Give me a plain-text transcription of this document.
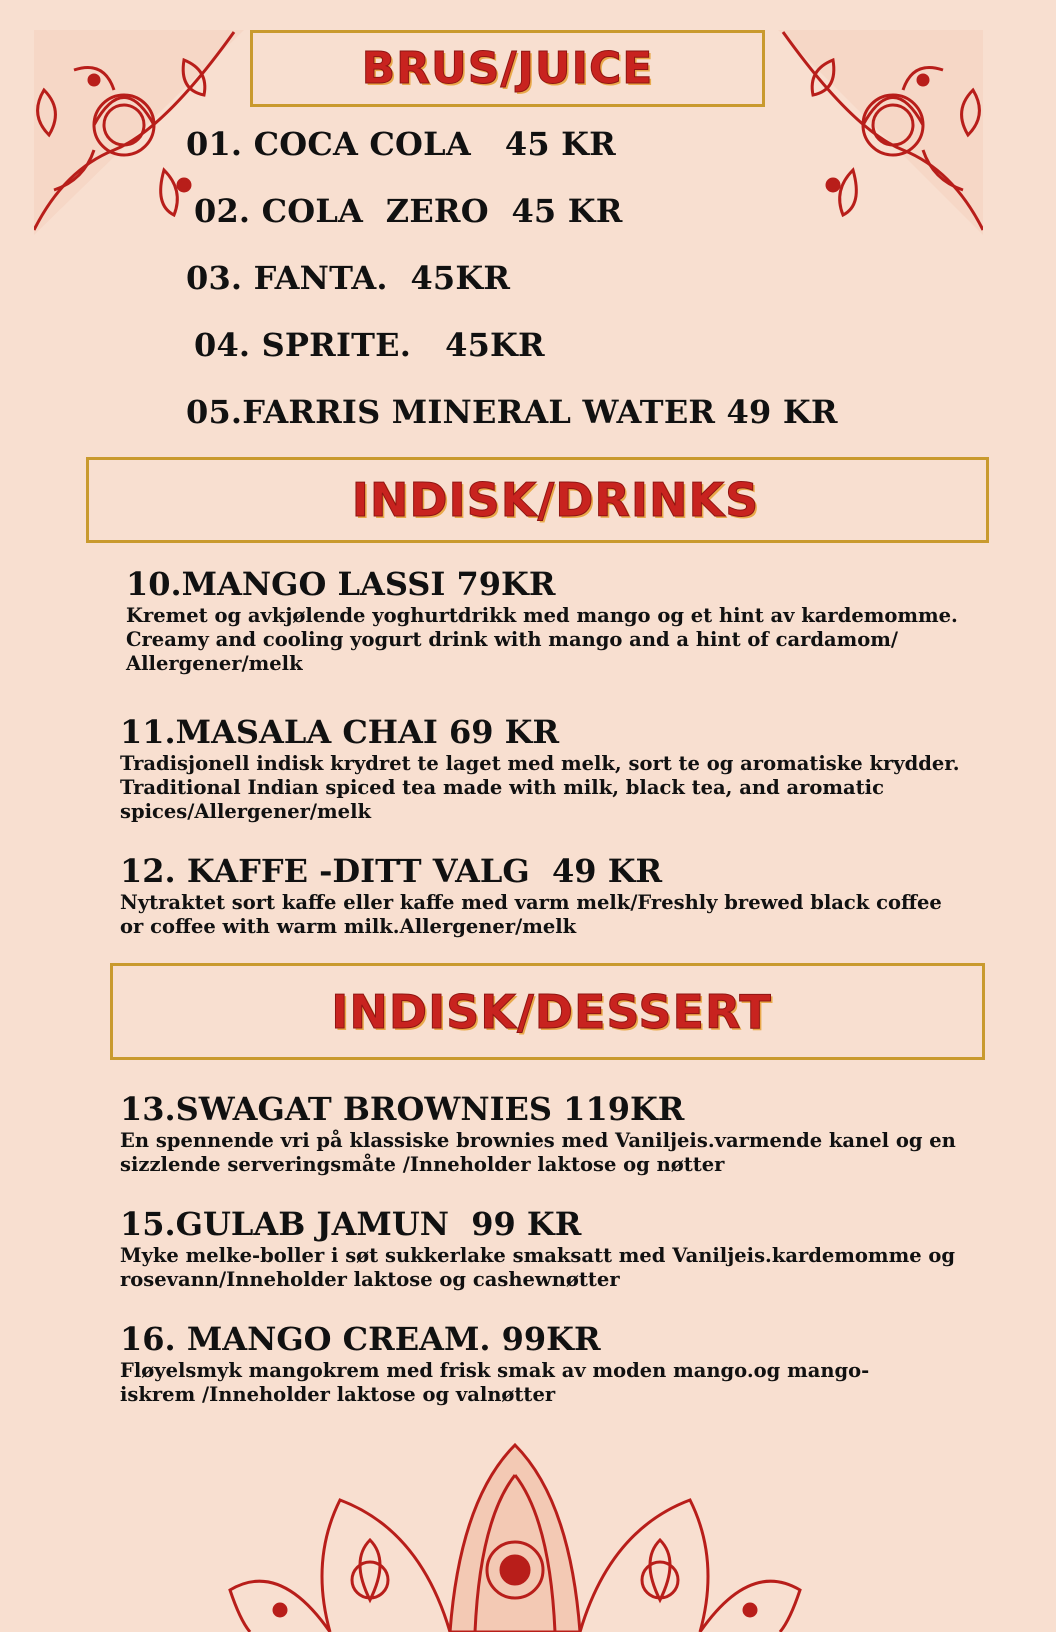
BRUS/JUICE
01. COCA COLA   45 KR
02. COLA  ZERO  45 KR
03. FANTA.  45KR
04. SPRITE.   45KR
05.FARRIS MINERAL WATER 49 KR
INDISK/DRINKS
10.MANGO LASSI 79KR
Kremet og avkjølende yoghurtdrikk med mango og et hint av kardemomme.
Creamy and cooling yogurt drink with mango and a hint of cardamom/
Allergener/melk
11.MASALA CHAI 69 KR
Tradisjonell indisk krydret te laget med melk, sort te og aromatiske krydder.
Traditional Indian spiced tea made with milk, black tea, and aromatic
spices/Allergener/melk
12. KAFFE -DITT VALG  49 KR
Nytraktet sort kaffe eller kaffe med varm melk/Freshly brewed black coffee
or coffee with warm milk.Allergener/melk
INDISK/DESSERT
13.SWAGAT BROWNIES 119KR
En spennende vri på klassiske brownies med Vaniljeis.varmende kanel og en
sizzlende serveringsmåte /Inneholder laktose og nøtter
15.GULAB JAMUN  99 KR
Myke melke-boller i søt sukkerlake smaksatt med Vaniljeis.kardemomme og
rosevann/Inneholder laktose og cashewnøtter
16. MANGO CREAM. 99KR
Fløyelsmyk mangokrem med frisk smak av moden mango.og mango-
iskrem /Inneholder laktose og valnøtter
